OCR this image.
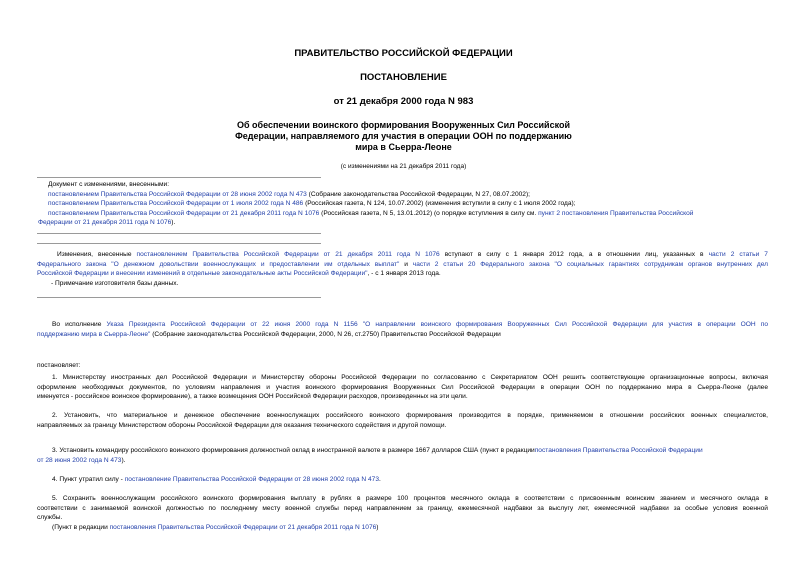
ПРАВИТЕЛЬСТВО РОССИЙСКОЙ ФЕДЕРАЦИИ
ПОСТАНОВЛЕНИЕ
от 21 декабря 2000 года N 983
Об обеспечении воинского формирования Вооруженных Сил Российской
Федерации, направляемого для участия в операции ООН по поддержанию
мира в Сьерра-Леоне
(с изменениями на 21 декабря 2011 года)
Документ с изменениями, внесенными:
постановлением Правительства Российской Федерации от 28 июня 2002 года N 473 (Собрание законодательства Российской Федерации, N 27, 08.07.2002);
постановлением Правительства Российской Федерации от 1 июля 2002 года N 486 (Российская газета, N 124, 10.07.2002) (изменения вступили в силу с 1 июля 2002 года);
постановлением Правительства Российской Федерации от 21 декабря 2011 года N 1076 (Российская газета, N 5, 13.01.2012) (о порядке вступления в силу см. пункт 2 постановления Правительства Российской
Федерации от 21 декабря 2011 года N 1076).
Изменения, внесенные постановлением Правительства Российской Федерации от 21 декабря 2011 года N 1076 вступают в силу с 1 января 2012 года, а в отношении лиц, указанных в части 2 статьи 7
Федерального закона "О денежном довольствии военнослужащих и предоставлении им отдельных выплат" и части 2 статьи 20 Федерального закона "О социальных гарантиях сотрудникам органов внутренних дел
Российской Федерации и внесении изменений в отдельные законодательные акты Российской Федерации", - с 1 января 2013 года.
- Примечание изготовителя базы данных.
Во исполнение Указа Президента Российской Федерации от 22 июня 2000 года N 1156 "О направлении воинского формирования Вооруженных Сил Российской Федерации для участия в операции ООН по
поддержанию мира в Сьерра-Леоне" (Собрание законодательства Российской Федерации, 2000, N 26, ст.2750) Правительство Российской Федерации
постановляет:
1. Министерству иностранных дел Российской Федерации и Министерству обороны Российской Федерации по согласованию с Секретариатом ООН решить соответствующие организационные вопросы, включая
оформление необходимых документов, по условиям направления и участия воинского формирования Вооруженных Сил Российской Федерации в операции ООН по поддержанию мира в Сьерра-Леоне (далее
именуется - российское воинское формирование), а также возмещения ООН Российской Федерации расходов, произведенных на эти цели.
2. Установить, что материальное и денежное обеспечение военнослужащих российского воинского формирования производится в порядке, применяемом в отношении российских военных специалистов,
направляемых за границу Министерством обороны Российской Федерации для оказания технического содействия и другой помощи.
3. Установить командиру российского воинского формирования должностной оклад в иностранной валюте в размере 1667 долларов США (пункт в редакциипостановления Правительства Российской Федерации
от 28 июня 2002 года N 473).
4. Пункт утратил силу - постановление Правительства Российской Федерации от 28 июня 2002 года N 473.
5. Сохранить военнослужащим российского воинского формирования выплату в рублях в размере 100 процентов месячного оклада в соответствии с присвоенным воинским званием и месячного оклада в
соответствии с занимаемой воинской должностью по последнему месту военной службы перед направлением за границу, ежемесячной надбавки за выслугу лет, ежемесячной надбавки за особые условия военной
службы.
(Пункт в редакции постановления Правительства Российской Федерации от 21 декабря 2011 года N 1076)
